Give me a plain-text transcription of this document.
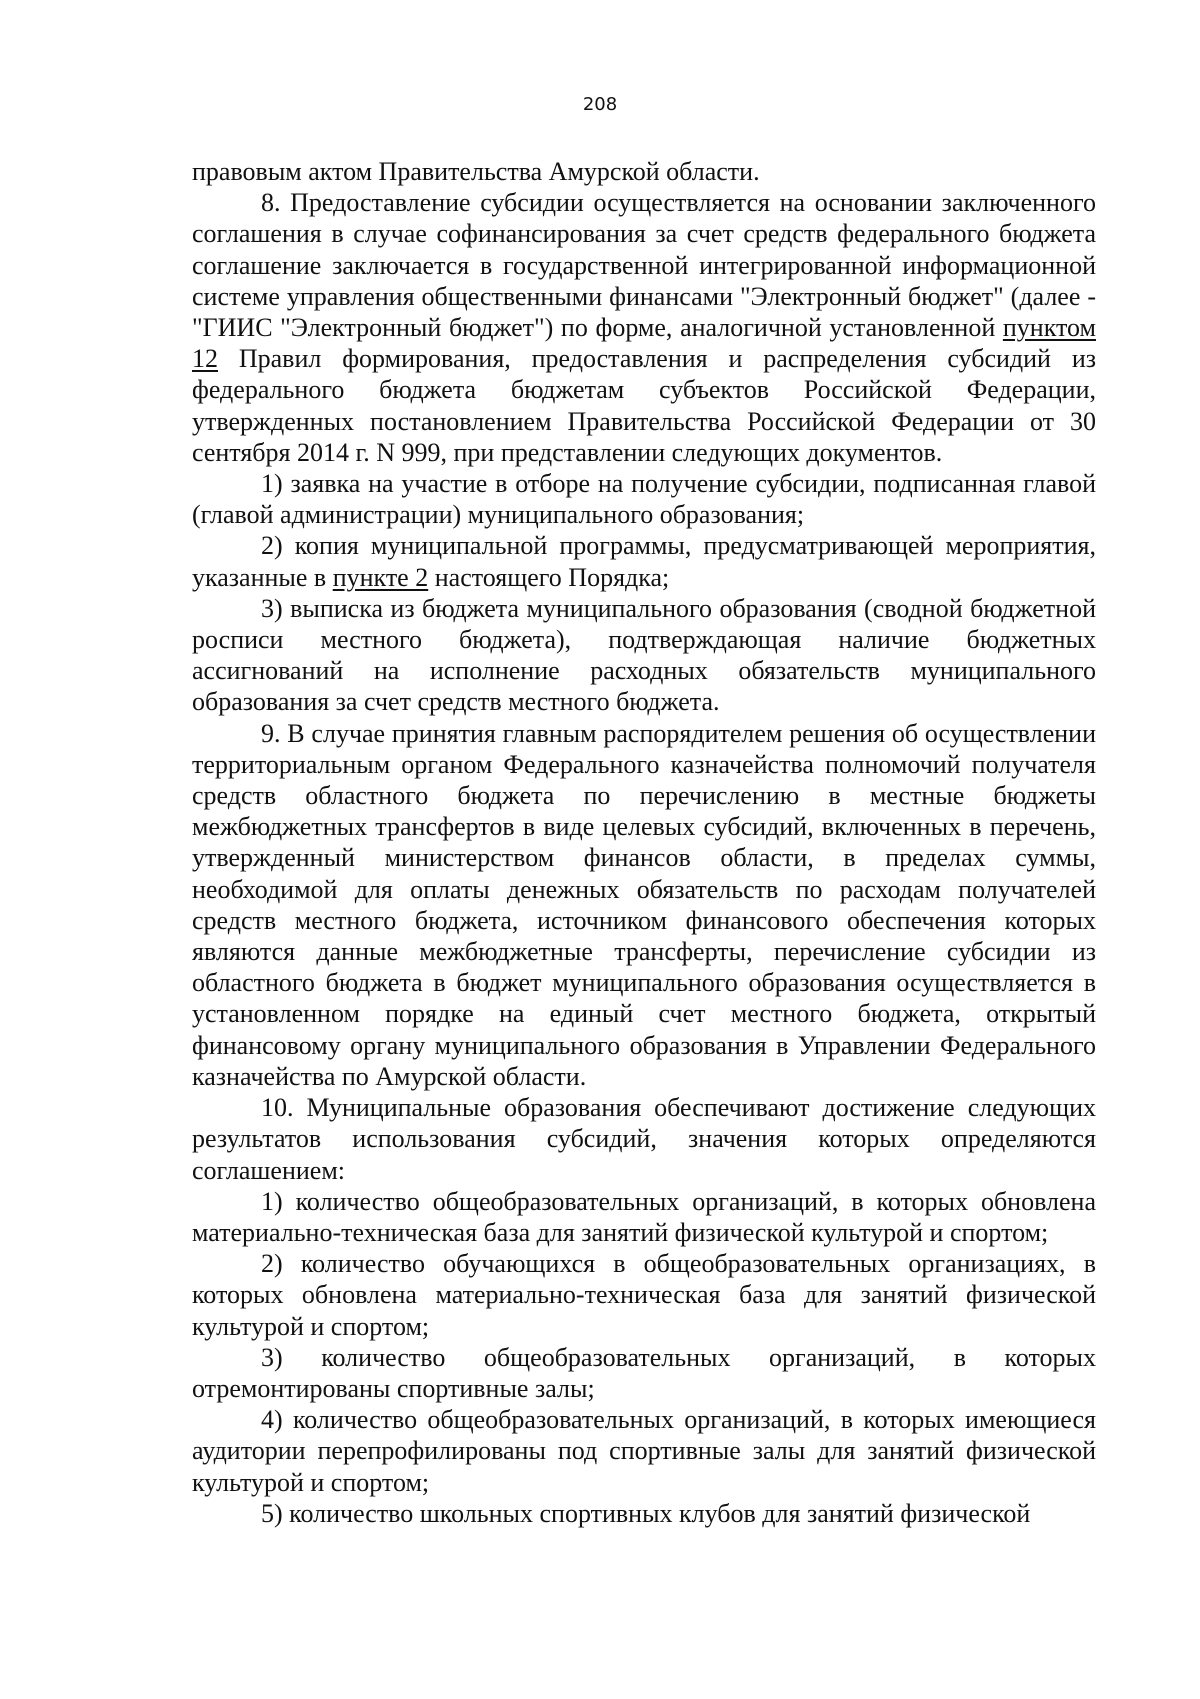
208

правовым актом Правительства Амурской области.

8. Предоставление субсидии осуществляется на основании заключенного соглашения в случае софинансирования за счет средств федерального бюджета соглашение заключается в государственной интегрированной информационной системе управления общественными финансами "Электронный бюджет" (далее - "ГИИС "Электронный бюджет") по форме, аналогичной установленной пунктом 12 Правил формирования, предоставления и распределения субсидий из федерального бюджета бюджетам субъектов Российской Федерации, утвержденных постановлением Правительства Российской Федерации от 30 сентября 2014 г. N 999, при представлении следующих документов.

1) заявка на участие в отборе на получение субсидии, подписанная главой (главой администрации) муниципального образования;

2) копия муниципальной программы, предусматривающей мероприятия, указанные в пункте 2 настоящего Порядка;

3) выписка из бюджета муниципального образования (сводной бюджетной росписи местного бюджета), подтверждающая наличие бюджетных ассигнований на исполнение расходных обязательств муниципального образования за счет средств местного бюджета.

9. В случае принятия главным распорядителем решения об осуществлении территориальным органом Федерального казначейства полномочий получателя средств областного бюджета по перечислению в местные бюджеты межбюджетных трансфертов в виде целевых субсидий, включенных в перечень, утвержденный министерством финансов области, в пределах суммы, необходимой для оплаты денежных обязательств по расходам получателей средств местного бюджета, источником финансового обеспечения которых являются данные межбюджетные трансферты, перечисление субсидии из областного бюджета в бюджет муниципального образования осуществляется в установленном порядке на единый счет местного бюджета, открытый финансовому органу муниципального образования в Управлении Федерального казначейства по Амурской области.

10. Муниципальные образования обеспечивают достижение следующих результатов использования субсидий, значения которых определяются соглашением:

1) количество общеобразовательных организаций, в которых обновлена материально-техническая база для занятий физической культурой и спортом;

2) количество обучающихся в общеобразовательных организациях, в которых обновлена материально-техническая база для занятий физической культурой и спортом;

3) количество общеобразовательных организаций, в которых отремонтированы спортивные залы;

4) количество общеобразовательных организаций, в которых имеющиеся аудитории перепрофилированы под спортивные залы для занятий физической культурой и спортом;

5) количество школьных спортивных клубов для занятий физической
